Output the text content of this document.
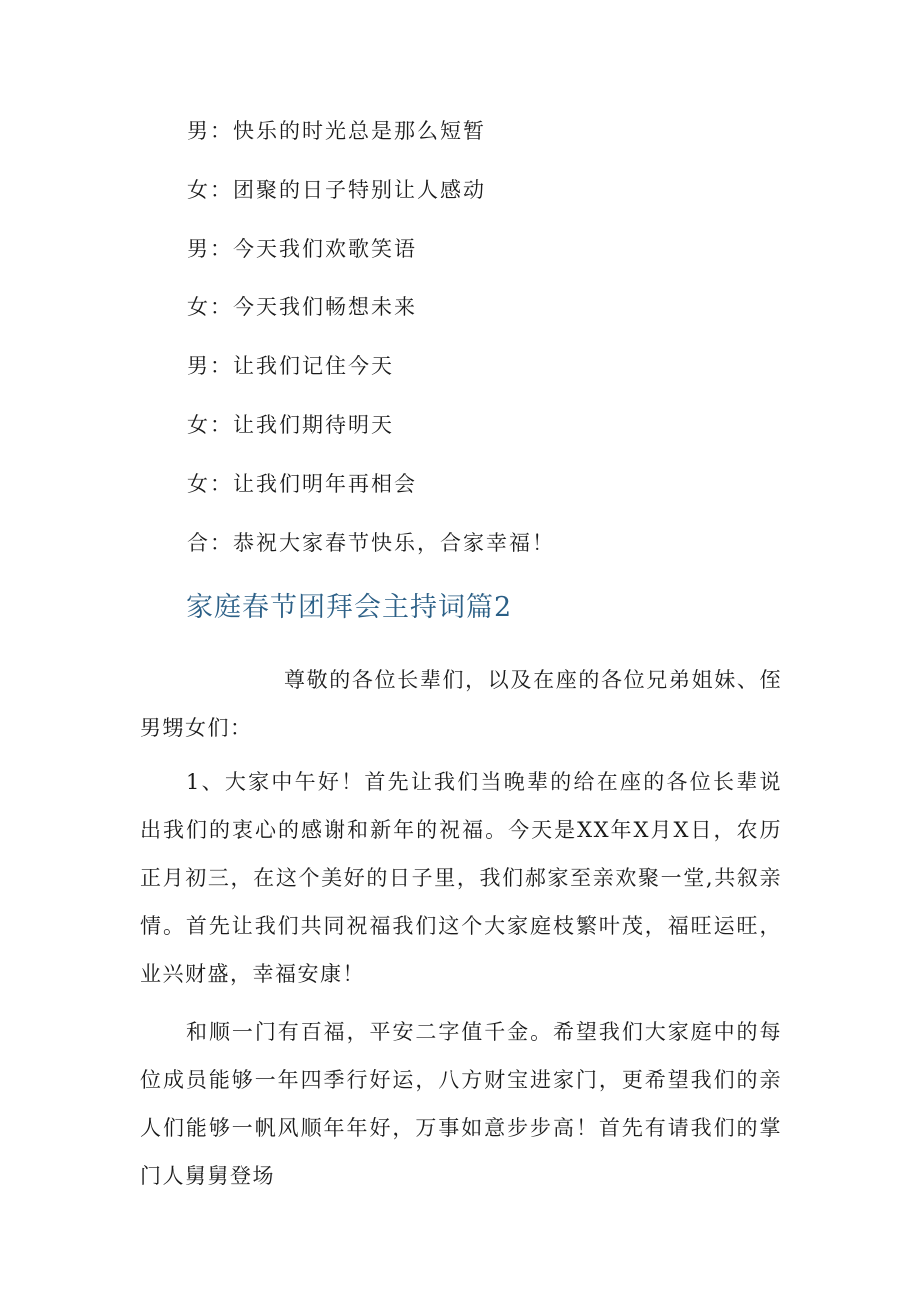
男：快乐的时光总是那么短暂
女：团聚的日子特别让人感动
男：今天我们欢歌笑语
女：今天我们畅想未来
男：让我们记住今天
女：让我们期待明天
女：让我们明年再相会
合：恭祝大家春节快乐，合家幸福！
家庭春节团拜会主持词篇2

尊敬的各位长辈们，以及在座的各位兄弟姐妹、侄男甥女们：

1、大家中午好！首先让我们当晚辈的给在座的各位长辈说出我们的衷心的感谢和新年的祝福。今天是XX年X月X日，农历正月初三，在这个美好的日子里，我们郝家至亲欢聚一堂,共叙亲情。首先让我们共同祝福我们这个大家庭枝繁叶茂，福旺运旺，业兴财盛，幸福安康！

和顺一门有百福，平安二字值千金。希望我们大家庭中的每位成员能够一年四季行好运，八方财宝进家门，更希望我们的亲人们能够一帆风顺年年好，万事如意步步高！首先有请我们的掌门人舅舅登场
